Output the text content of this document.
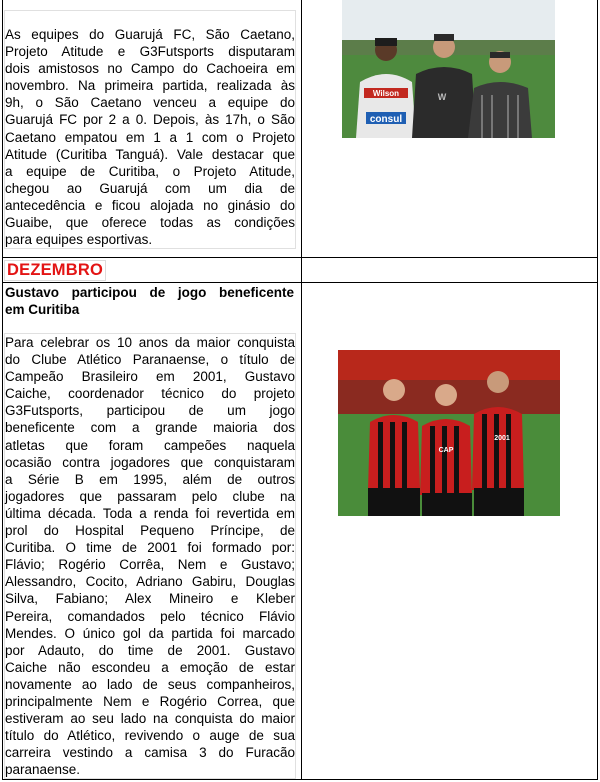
As equipes do Guarujá FC, São Caetano,
Projeto Atitude e G3Futsports disputaram
dois amistosos no Campo do Cachoeira em
novembro. Na primeira partida, realizada às
9h, o São Caetano venceu a equipe do
Guarujá FC por 2 a 0. Depois, às 17h, o São
Caetano empatou em 1 a 1 com o Projeto
Atitude (Curitiba Tanguá). Vale destacar que
a equipe de Curitiba, o Projeto Atitude,
chegou ao Guarujá com um dia de
antecedência e ficou alojada no ginásio do
Guaibe, que oferece todas as condições
para equipes esportivas.

Wilson
consul
W
DEZEMBRO
Gustavo participou de jogo beneficente
em Curitiba

Para celebrar os 10 anos da maior conquista
do Clube Atlético Paranaense, o título de
Campeão Brasileiro em 2001, Gustavo
Caiche, coordenador técnico do projeto
G3Futsports, participou de um jogo
beneficente com a grande maioria dos
atletas que foram campeões naquela
ocasião contra jogadores que conquistaram
a Série B em 1995, além de outros
jogadores que passaram pelo clube na
última década. Toda a renda foi revertida em
prol do Hospital Pequeno Príncipe, de
Curitiba. O time de 2001 foi formado por:
Flávio; Rogério Corrêa, Nem e Gustavo;
Alessandro, Cocito, Adriano Gabiru, Douglas
Silva, Fabiano; Alex Mineiro e Kleber
Pereira, comandados pelo técnico Flávio
Mendes. O único gol da partida foi marcado
por Adauto, do time de 2001. Gustavo
Caiche não escondeu a emoção de estar
novamente ao lado de seus companheiros,
principalmente Nem e Rogério Correa, que
estiveram ao seu lado na conquista do maior
título do Atlético, revivendo o auge de sua
carreira vestindo a camisa 3 do Furacão
paranaense.

CAP
2001
